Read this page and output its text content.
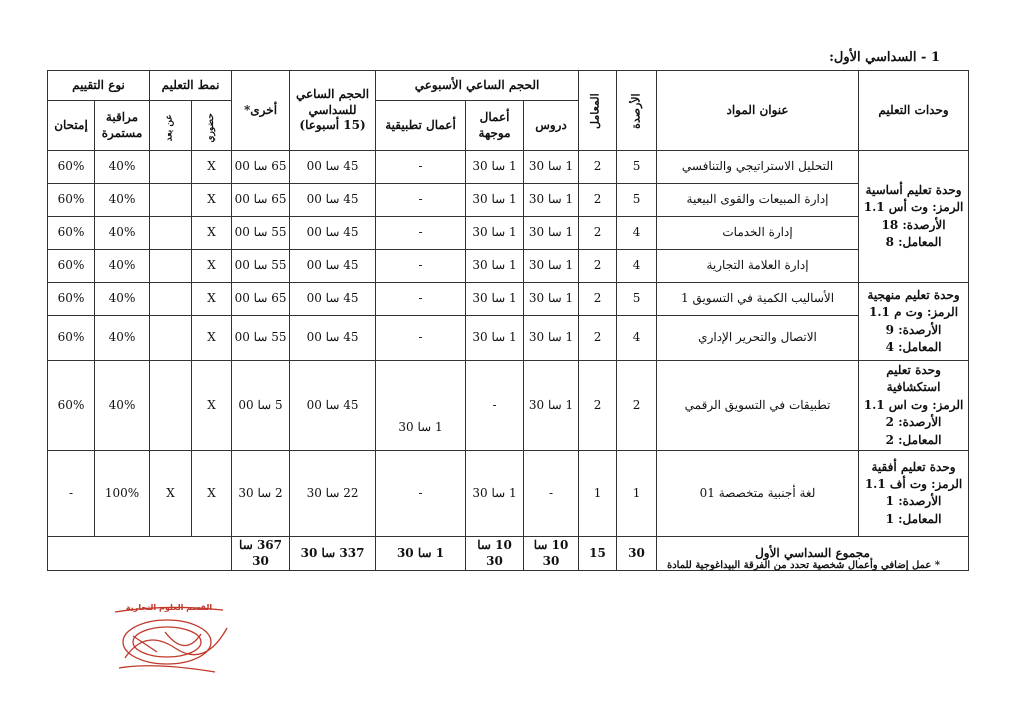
1 - السداسي الأول:
وحدات التعليم	عنوان المواد	الأرصدة	المعامل	الحجم الساعي الأسبوعي			الحجم الساعي
للسداسي
(15 أسبوعا)	أخرى*	نمط التعليم		نوع التقييم	
				دروس	أعمال موجهة	أعمال تطبيقية			حضوري	عن بعد	مراقبة مستمرة	إمتحان

وحدة تعليم أساسية
الرمز: وت أس 1.1
الأرصدة: 18
المعامل: 8	التحليل الاستراتيجي والتنافسي	5	2	1 سا 30	1 سا 30	-	45 سا 00	65 سا 00	X		40%	60%
	إدارة المبيعات والقوى البيعية	5	2	1 سا 30	1 سا 30	-	45 سا 00	65 سا 00	X		40%	60%
	إدارة الخدمات	4	2	1 سا 30	1 سا 30	-	45 سا 00	55 سا 00	X		40%	60%
	إدارة العلامة التجارية	4	2	1 سا 30	1 سا 30	-	45 سا 00	55 سا 00	X		40%	60%

وحدة تعليم منهجية
الرمز: وت م 1.1
الأرصدة: 9
المعامل: 4	الأساليب الكمية في التسويق 1	5	2	1 سا 30	1 سا 30	-	45 سا 00	65 سا 00	X		40%	60%
	الاتصال والتحرير الإداري	4	2	1 سا 30	1 سا 30	-	45 سا 00	55 سا 00	X		40%	60%

وحدة تعليم استكشافية
الرمز: وت اس 1.1
الأرصدة: 2
المعامل: 2	تطبيقات في التسويق الرقمي	2	2	1 سا 30	-	1 سا 30	45 سا 00	5 سا 00	X		40%	60%

وحدة تعليم أفقية
الرمز: وت أف 1.1
الأرصدة: 1
المعامل: 1	لغة أجنبية متخصصة 01	1	1	-	1 سا 30	-	22 سا 30	2 سا 30	X	X	100%	-
مجموع السداسي الأول		30	15	10 سا 30	10 سا 30	1 سا 30	337 سا 30	367 سا 30					* عمل إضافي وأعمال شخصية تحدد من الفرقة البيداغوجية للمادة
القسم العلوم التجارية
